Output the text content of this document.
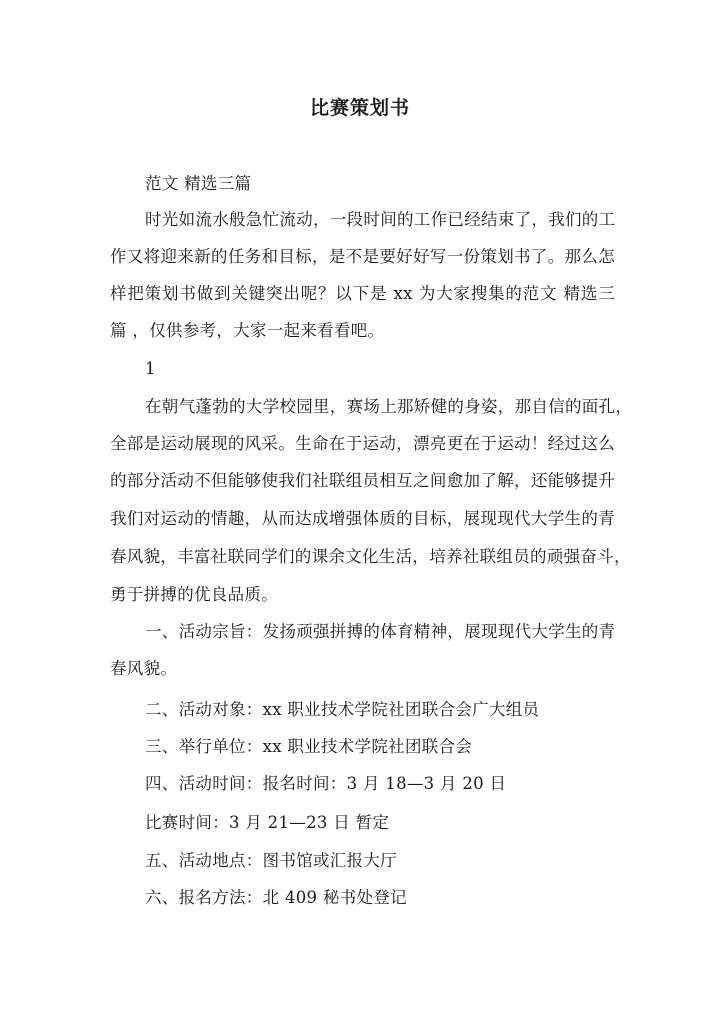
比赛策划书
范文 精选三篇
时光如流水般急忙流动，一段时间的工作已经结束了，我们的工
作又将迎来新的任务和目标，是不是要好好写一份策划书了。那么怎
样把策划书做到关键突出呢？以下是 xx 为大家搜集的范文 精选三
篇 ，仅供参考，大家一起来看看吧。
1
在朝气蓬勃的大学校园里，赛场上那矫健的身姿，那自信的面孔，
全部是运动展现的风采。生命在于运动，漂亮更在于运动！经过这么
的部分活动不但能够使我们社联组员相互之间愈加了解，还能够提升
我们对运动的情趣，从而达成增强体质的目标，展现现代大学生的青
春风貌，丰富社联同学们的课余文化生活，培养社联组员的顽强奋斗，
勇于拼搏的优良品质。
一、活动宗旨：发扬顽强拼搏的体育精神，展现现代大学生的青
春风貌。
二、活动对象：xx 职业技术学院社团联合会广大组员
三、举行单位：xx 职业技术学院社团联合会
四、活动时间：报名时间：3 月 18—3 月 20 日
比赛时间：3 月 21—23 日 暂定
五、活动地点：图书馆或汇报大厅
六、报名方法：北 409 秘书处登记
